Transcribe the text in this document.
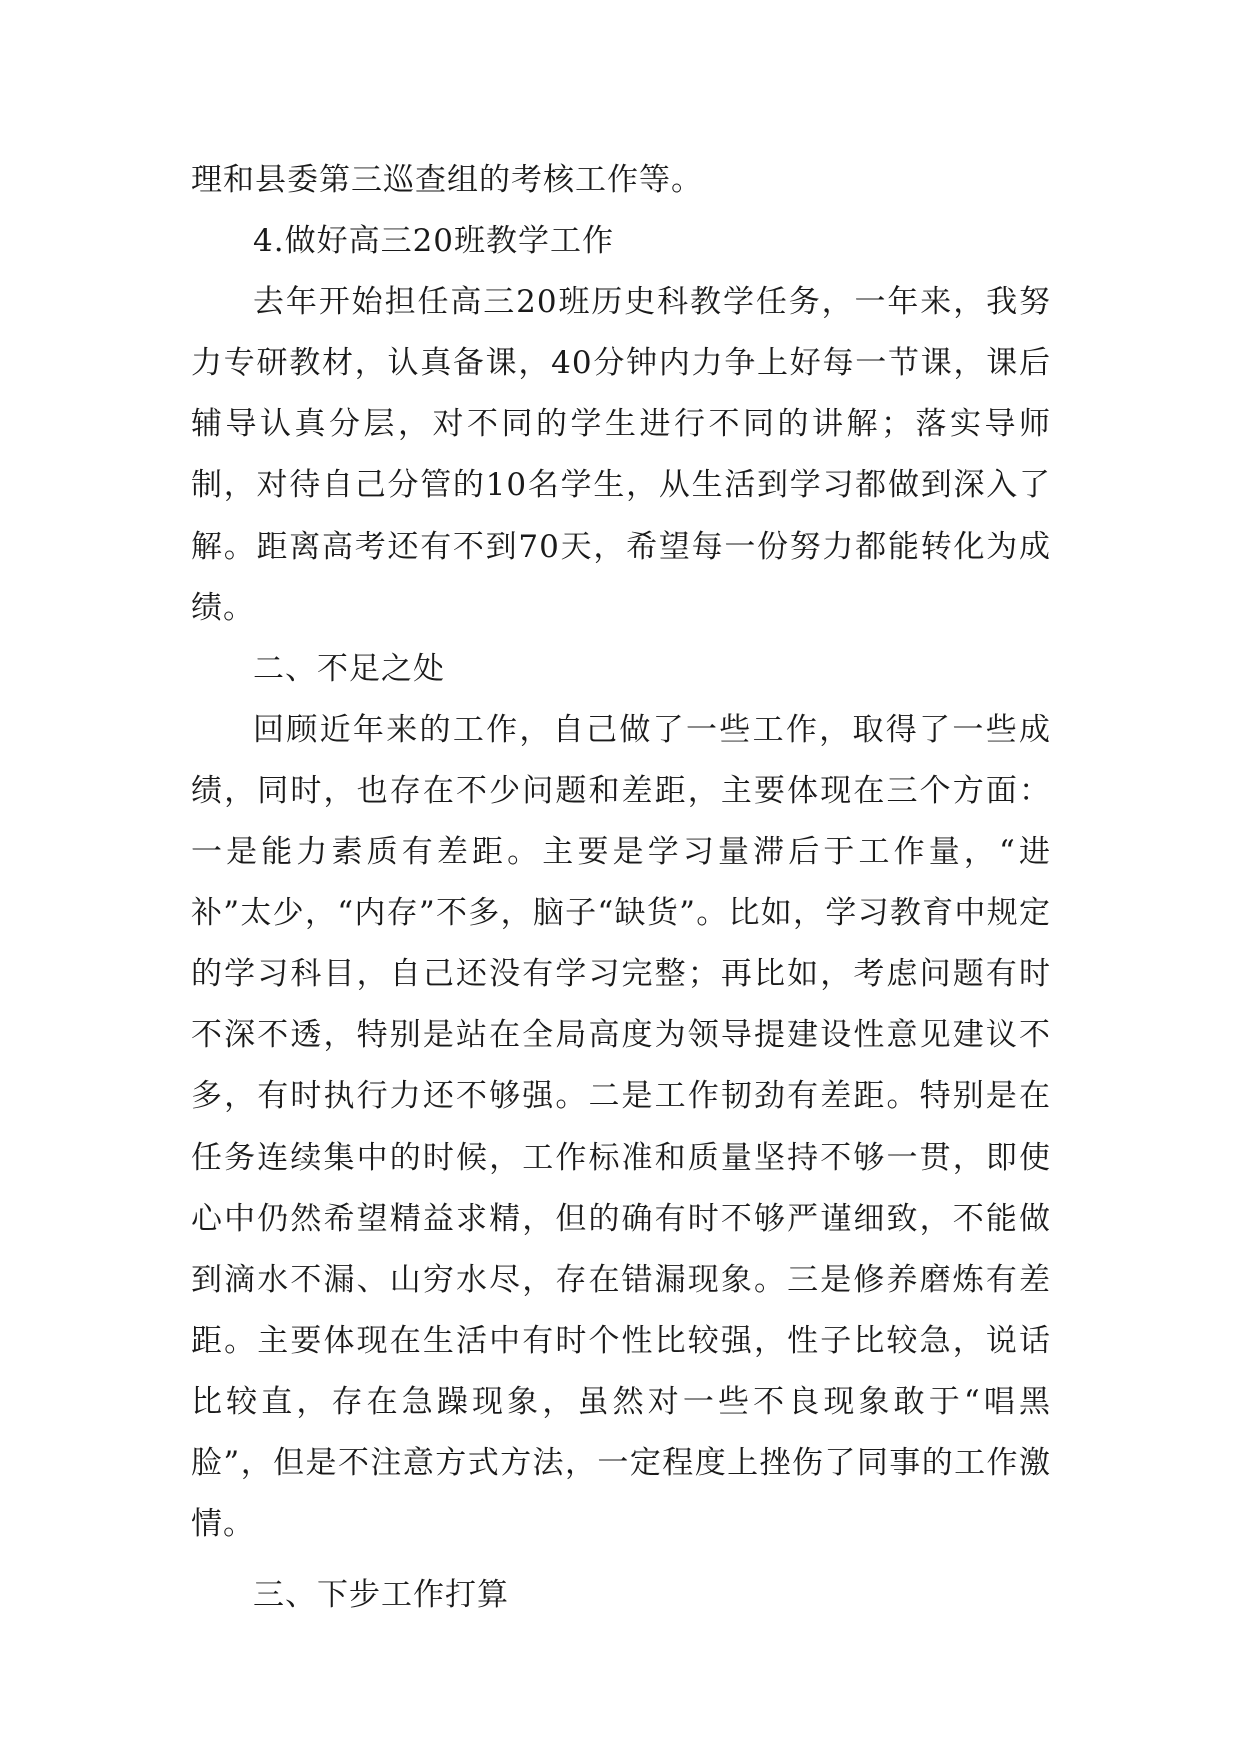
理和县委第三巡查组的考核工作等。

4.做好高三20班教学工作

去年开始担任高三20班历史科教学任务，一年来，我努力专研教材，认真备课，40分钟内力争上好每一节课，课后辅导认真分层，对不同的学生进行不同的讲解；落实导师制，对待自己分管的10名学生，从生活到学习都做到深入了解。距离高考还有不到70天，希望每一份努力都能转化为成绩。

二、不足之处

回顾近年来的工作，自己做了一些工作，取得了一些成绩，同时，也存在不少问题和差距，主要体现在三个方面：一是能力素质有差距。主要是学习量滞后于工作量，“进补”太少，“内存”不多，脑子“缺货”。比如，学习教育中规定的学习科目，自己还没有学习完整；再比如，考虑问题有时不深不透，特别是站在全局高度为领导提建设性意见建议不多，有时执行力还不够强。二是工作韧劲有差距。特别是在任务连续集中的时候，工作标准和质量坚持不够一贯，即使心中仍然希望精益求精，但的确有时不够严谨细致，不能做到滴水不漏、山穷水尽，存在错漏现象。三是修养磨炼有差距。主要体现在生活中有时个性比较强，性子比较急，说话比较直，存在急躁现象，虽然对一些不良现象敢于“唱黑脸”，但是不注意方式方法，一定程度上挫伤了同事的工作激情。

三、下步工作打算
